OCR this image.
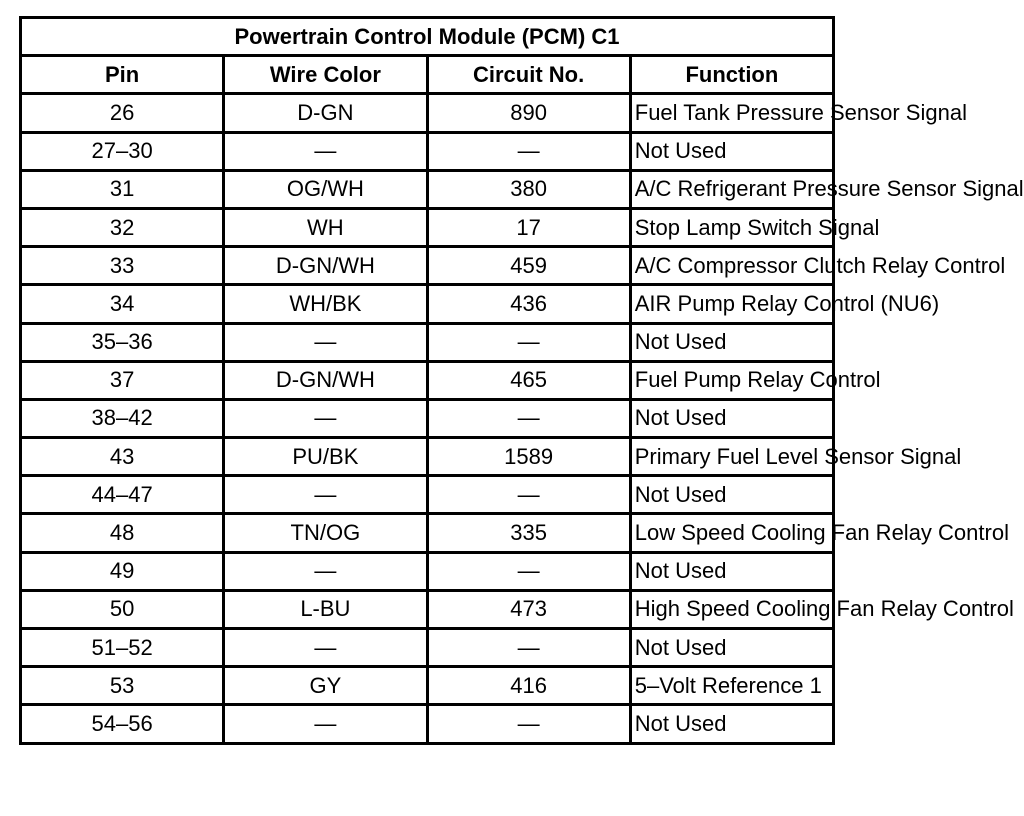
Powertrain Control Module (PCM) C1			
Pin	Wire Color	Circuit No.	Function
26	D-GN	890	Fuel Tank Pressure Sensor Signal
27–30	—	—	Not Used
31	OG/WH	380	A/C Refrigerant Pressure Sensor Signal
32	WH	17	Stop Lamp Switch Signal
33	D-GN/WH	459	A/C Compressor Clutch Relay Control
34	WH/BK	436	AIR Pump Relay Control (NU6)
35–36	—	—	Not Used
37	D-GN/WH	465	Fuel Pump Relay Control
38–42	—	—	Not Used
43	PU/BK	1589	Primary Fuel Level Sensor Signal
44–47	—	—	Not Used
48	TN/OG	335	Low Speed Cooling Fan Relay Control
49	—	—	Not Used
50	L-BU	473	High Speed Cooling Fan Relay Control
51–52	—	—	Not Used
53	GY	416	5–Volt Reference 1
54–56	—	—	Not Used
